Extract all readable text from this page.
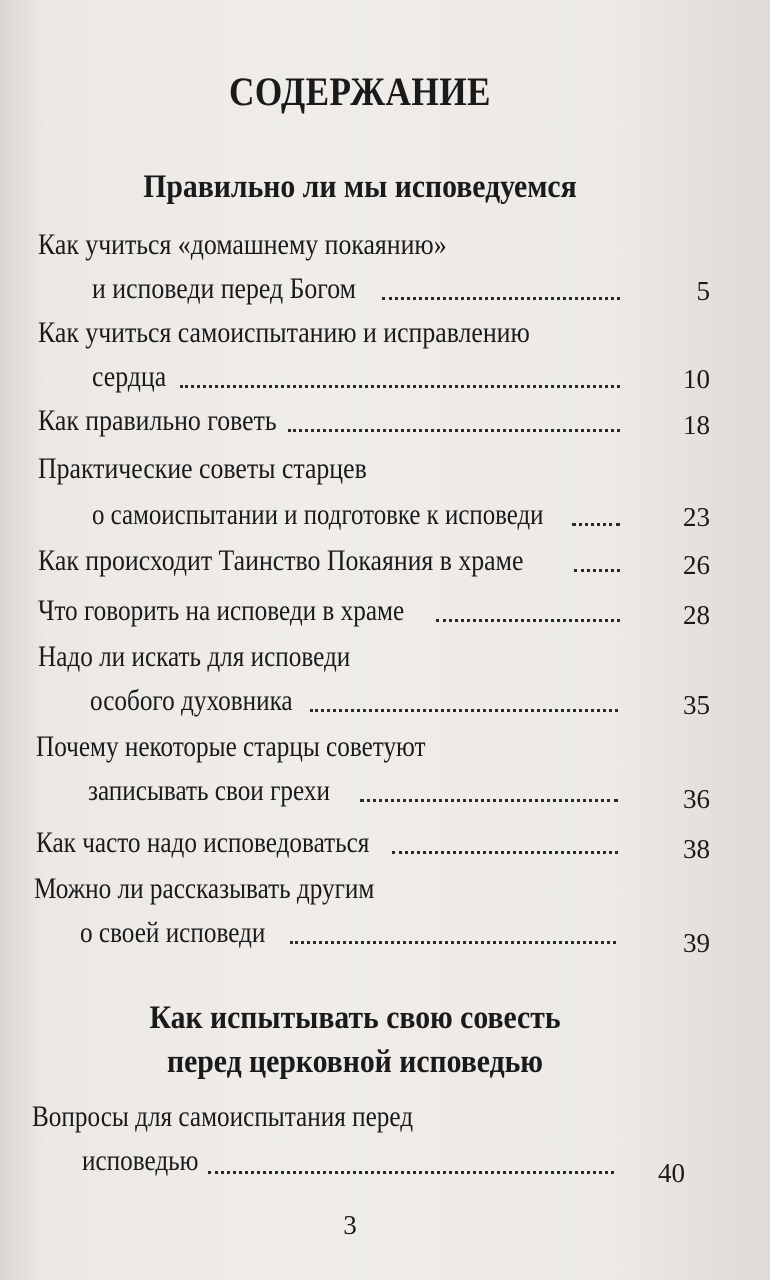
СОДЕРЖАНИЕ
Правильно ли мы исповедуемся
Как учиться «домашнему покаянию»
и исповеди перед Богом	5
Как учиться самоиспытанию и исправлению
сердца	10
Как правильно говеть	18
Практические советы старцев
о самоиспытании и подготовке к исповеди	23
Как происходит Таинство Покаяния в храме	26
Что говорить на исповеди в храме	28
Надо ли искать для исповеди
особого духовника	35
Почему некоторые старцы советуют
записывать свои грехи	36
Как часто надо исповедоваться	38
Можно ли рассказывать другим
о своей исповеди	39
Как испытывать свою совесть
перед церковной исповедью
Вопросы для самоиспытания перед
исповедью	40
3
